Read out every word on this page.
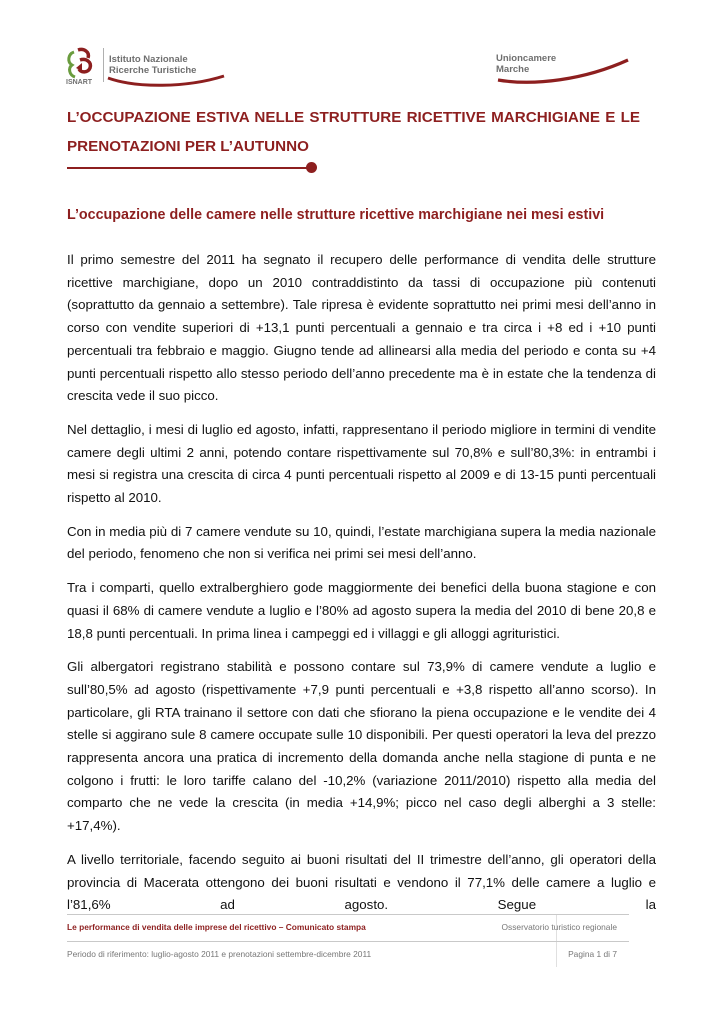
ISNART
Istituto Nazionale
Ricerche Turistiche
Unioncamere
Marche
L’OCCUPAZIONE ESTIVA NELLE STRUTTURE RICETTIVE MARCHIGIANE E LE PRENOTAZIONI PER L’AUTUNNO
L’occupazione delle camere nelle strutture ricettive marchigiane nei mesi estivi

Il primo semestre del 2011 ha segnato il recupero delle performance di vendita delle strutture ricettive marchigiane, dopo un 2010 contraddistinto da tassi di occupazione più contenuti (soprattutto da gennaio a settembre). Tale ripresa è evidente soprattutto nei primi mesi dell’anno in corso con vendite superiori di +13,1 punti percentuali a gennaio e tra circa i +8 ed i +10 punti percentuali tra febbraio e maggio. Giugno tende ad allinearsi alla media del periodo e conta su +4 punti percentuali rispetto allo stesso periodo dell’anno precedente ma è in estate che la tendenza di crescita vede il suo picco.

Nel dettaglio, i mesi di luglio ed agosto, infatti, rappresentano il periodo migliore in termini di vendite camere degli ultimi 2 anni, potendo contare rispettivamente sul 70,8% e sull’80,3%: in entrambi i mesi si registra una crescita di circa 4 punti percentuali rispetto al 2009 e di 13-15 punti percentuali rispetto al 2010.

Con in media più di 7 camere vendute su 10, quindi, l’estate marchigiana supera la media nazionale del periodo, fenomeno che non si verifica nei primi sei mesi dell’anno.

Tra i comparti, quello extralberghiero gode maggiormente dei benefici della buona stagione e con quasi il 68% di camere vendute a luglio e l’80% ad agosto supera la media del 2010 di bene 20,8 e 18,8 punti percentuali. In prima linea i campeggi ed i villaggi e gli alloggi agrituristici.

Gli albergatori registrano stabilità e possono contare sul 73,9% di camere vendute a luglio e sull’80,5% ad agosto (rispettivamente +7,9 punti percentuali e +3,8 rispetto all’anno scorso). In particolare, gli RTA trainano il settore con dati che sfiorano la piena occupazione e le vendite dei 4 stelle si aggirano sule 8 camere occupate sulle 10 disponibili. Per questi operatori la leva del prezzo rappresenta ancora una pratica di incremento della domanda anche nella stagione di punta e ne colgono i frutti: le loro tariffe calano del -10,2% (variazione 2011/2010) rispetto alla media del comparto che ne vede la crescita (in media +14,9%; picco nel caso degli alberghi a 3 stelle: +17,4%).

A livello territoriale, facendo seguito ai buoni risultati del II trimestre dell’anno, gli operatori della provincia di Macerata ottengono dei buoni risultati e vendono il 77,1% delle camere a luglio e l’81,6% ad agosto. Segue la

Le performance di vendita delle imprese del ricettivo – Comunicato stampa	Osservatorio turistico regionale
Periodo di riferimento: luglio-agosto 2011 e prenotazioni settembre-dicembre 2011	Pagina 1 di 7
